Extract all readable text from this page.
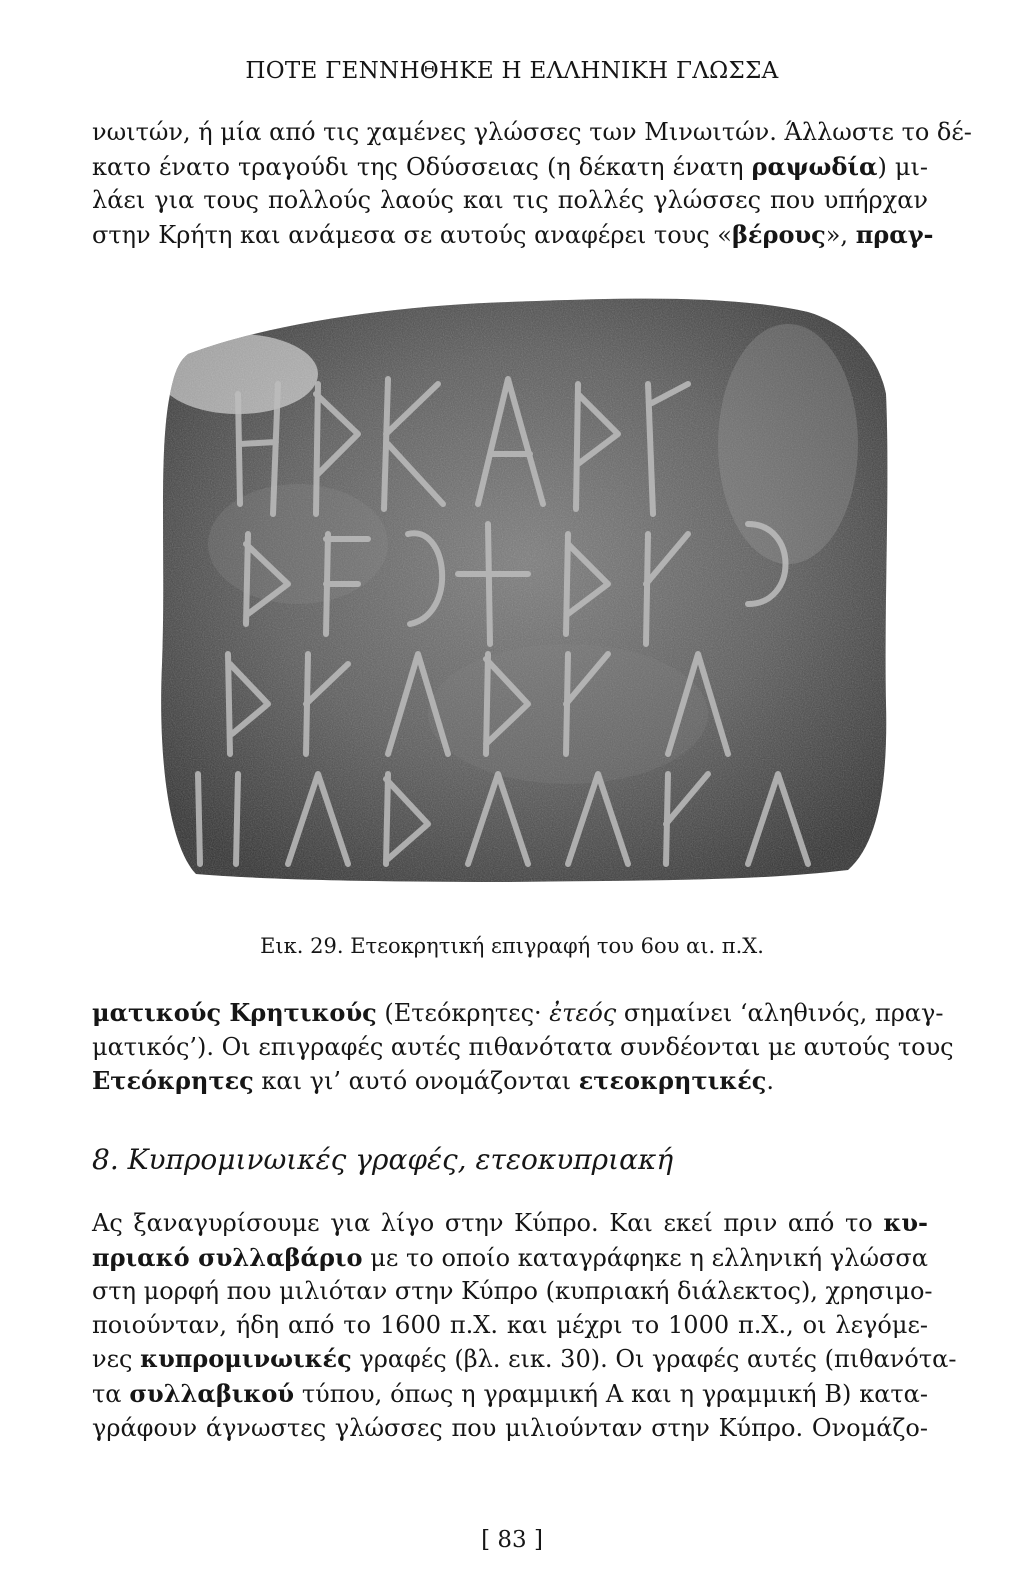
ΠΟΤΕ ΓΕΝΝΗΘΗΚΕ Η ΕΛΛΗΝΙΚΗ ΓΛΩΣΣΑ

νωιτών, ή μία από τις χαμένες γλώσσες των Μινωιτών. Άλλωστε το δέ-
κατο ένατο τραγούδι της Οδύσσειας (η δέκατη ένατη ραψωδία) μι-
λάει για τους πολλούς λαούς και τις πολλές γλώσσες που υπήρχαν
στην Κρήτη και ανάμεσα σε αυτούς αναφέρει τους «βέρους», πραγ-

Εικ. 29. Ετεοκρητική επιγραφή του 6ου αι. π.Χ.

ματικούς Κρητικούς (Ετεόκρητες· ἐτεός σημαίνει ‘αληθινός, πραγ-
ματικός’). Οι επιγραφές αυτές πιθανότατα συνδέονται με αυτούς τους
Ετεόκρητες και γι’ αυτό ονομάζονται ετεοκρητικές.

8. Κυπρομινωικές γραφές, ετεοκυπριακή

Ας ξαναγυρίσουμε για λίγο στην Κύπρο. Και εκεί πριν από το κυ-
πριακό συλλαβάριο με το οποίο καταγράφηκε η ελληνική γλώσσα
στη μορφή που μιλιόταν στην Κύπρο (κυπριακή διάλεκτος), χρησιμο-
ποιούνταν, ήδη από το 1600 π.Χ. και μέχρι το 1000 π.Χ., οι λεγόμε-
νες κυπρομινωικές γραφές (βλ. εικ. 30). Οι γραφές αυτές (πιθανότα-
τα συλλαβικού τύπου, όπως η γραμμική Α και η γραμμική Β) κατα-
γράφουν άγνωστες γλώσσες που μιλιούνταν στην Κύπρο. Ονομάζο-

[ 83 ]
